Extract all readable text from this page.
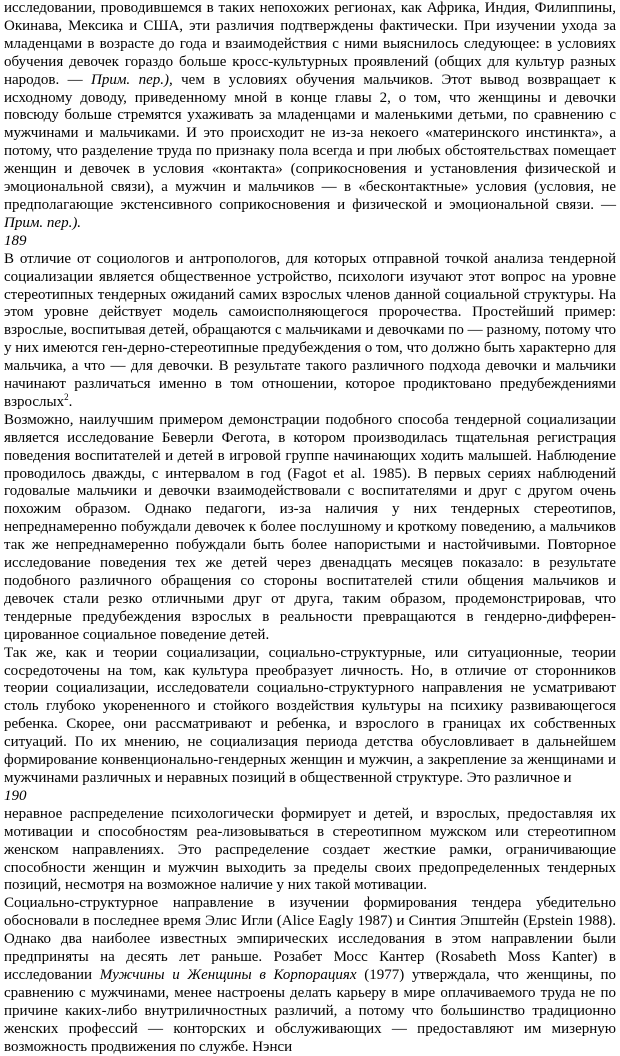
исследовании, проводившемся в таких непохожих регионах, как Африка, Индия, Филиппины, Окинава, Мексика и США, эти различия подтверждены фактически. При изучении ухода за младенцами в возрасте до года и взаимодействия с ними выяснилось следующее: в условиях обучения девочек гораздо больше кросс-культурных проявлений (общих для культур разных народов. — Прим. пер.), чем в условиях обучения мальчиков. Этот вывод возвращает к исходному доводу, приведенному мной в конце главы 2, о том, что женщины и девочки повсюду больше стремятся ухаживать за младенцами и маленькими детьми, по сравнению с мужчинами и мальчиками. И это происходит не из-за некоего «материнского инстинкта», а потому, что разделение труда по признаку пола всегда и при любых обстоятельствах помещает женщин и девочек в условия «контакта» (соприкосновения и установления физической и эмоциональной связи), а мужчин и мальчиков — в «бесконтактные» условия (условия, не предполагающие экстенсивного соприкосновения и физической и эмоциональной связи. — Прим. пер.).

189

В отличие от социологов и антропологов, для которых отправной точкой анализа тендерной социализации является общественное устройство, психологи изучают этот вопрос на уровне стереотипных тендерных ожиданий самих взрослых членов данной социальной структуры. На этом уровне действует модель самоисполняющегося пророчества. Простейший пример: взрослые, воспитывая детей, обращаются с мальчиками и девочками по — разному, потому что у них имеются ген-дерно-стереотипные предубеждения о том, что должно быть характерно для мальчика, а что — для девочки. В результате такого различного подхода девочки и мальчики начинают различаться именно в том отношении, которое продиктовано предубеждениями взрослых$^2$.

Возможно, наилучшим примером демонстрации подобного способа тендерной социализации является исследование Беверли Фегота, в котором производилась тщательная регистрация поведения воспитателей и детей в игровой группе начинающих ходить малышей. Наблюдение проводилось дважды, с интервалом в год (Fagot et al. 1985). В первых сериях наблюдений годовалые мальчики и девочки взаимодействовали с воспитателями и друг с другом очень похожим образом. Однако педагоги, из-за наличия у них тендерных стереотипов, непреднамеренно побуждали девочек к более послушному и кроткому поведению, а мальчиков так же непреднамеренно побуждали быть более напористыми и настойчивыми. Повторное исследование поведения тех же детей через двенадцать месяцев показало: в результате подобного различного обращения со стороны воспитателей стили общения мальчиков и девочек стали резко отличными друг от друга, таким образом, продемонстрировав, что тендерные предубеждения взрослых в реальности превращаются в гендерно-дифферен-цированное социальное поведение детей.

Так же, как и теории социализации, социально-структурные, или ситуационные, теории сосредоточены на том, как культура преобразует личность. Но, в отличие от сторонников теории социализации, исследователи социально-структурного направления не усматривают столь глубоко укорененного и стойкого воздействия культуры на психику развивающегося ребенка. Скорее, они рассматривают и ребенка, и взрослого в границах их собственных ситуаций. По их мнению, не социализация периода детства обусловливает в дальнейшем формирование конвенционально-гендерных женщин и мужчин, а закрепление за женщинами и мужчинами различных и неравных позиций в общественной структуре. Это различное и

190

неравное распределение психологически формирует и детей, и взрослых, предоставляя их мотивации и способностям реа-лизовываться в стереотипном мужском или стереотипном женском направлениях. Это распределение создает жесткие рамки, ограничивающие способности женщин и мужчин выходить за пределы своих предопределенных тендерных позиций, несмотря на возможное наличие у них такой мотивации.

Социально-структурное направление в изучении формирования тендера убедительно обосновали в последнее время Элис Игли (Alice Eagly 1987) и Синтия Эпштейн (Epstein 1988). Однако два наиболее известных эмпирических исследования в этом направлении были предприняты на десять лет раньше. Розабет Мосс Кантер (Rosabeth Moss Kanter) в исследовании Мужчины и Женщины в Корпорациях (1977) утверждала, что женщины, по сравнению с мужчинами, менее настроены делать карьеру в мире оплачиваемого труда не по причине каких-либо внутриличностных различий, а потому что большинство традиционно женских профессий — конторских и обслуживающих — предоставляют им мизерную возможность продвижения по службе. Нэнси
